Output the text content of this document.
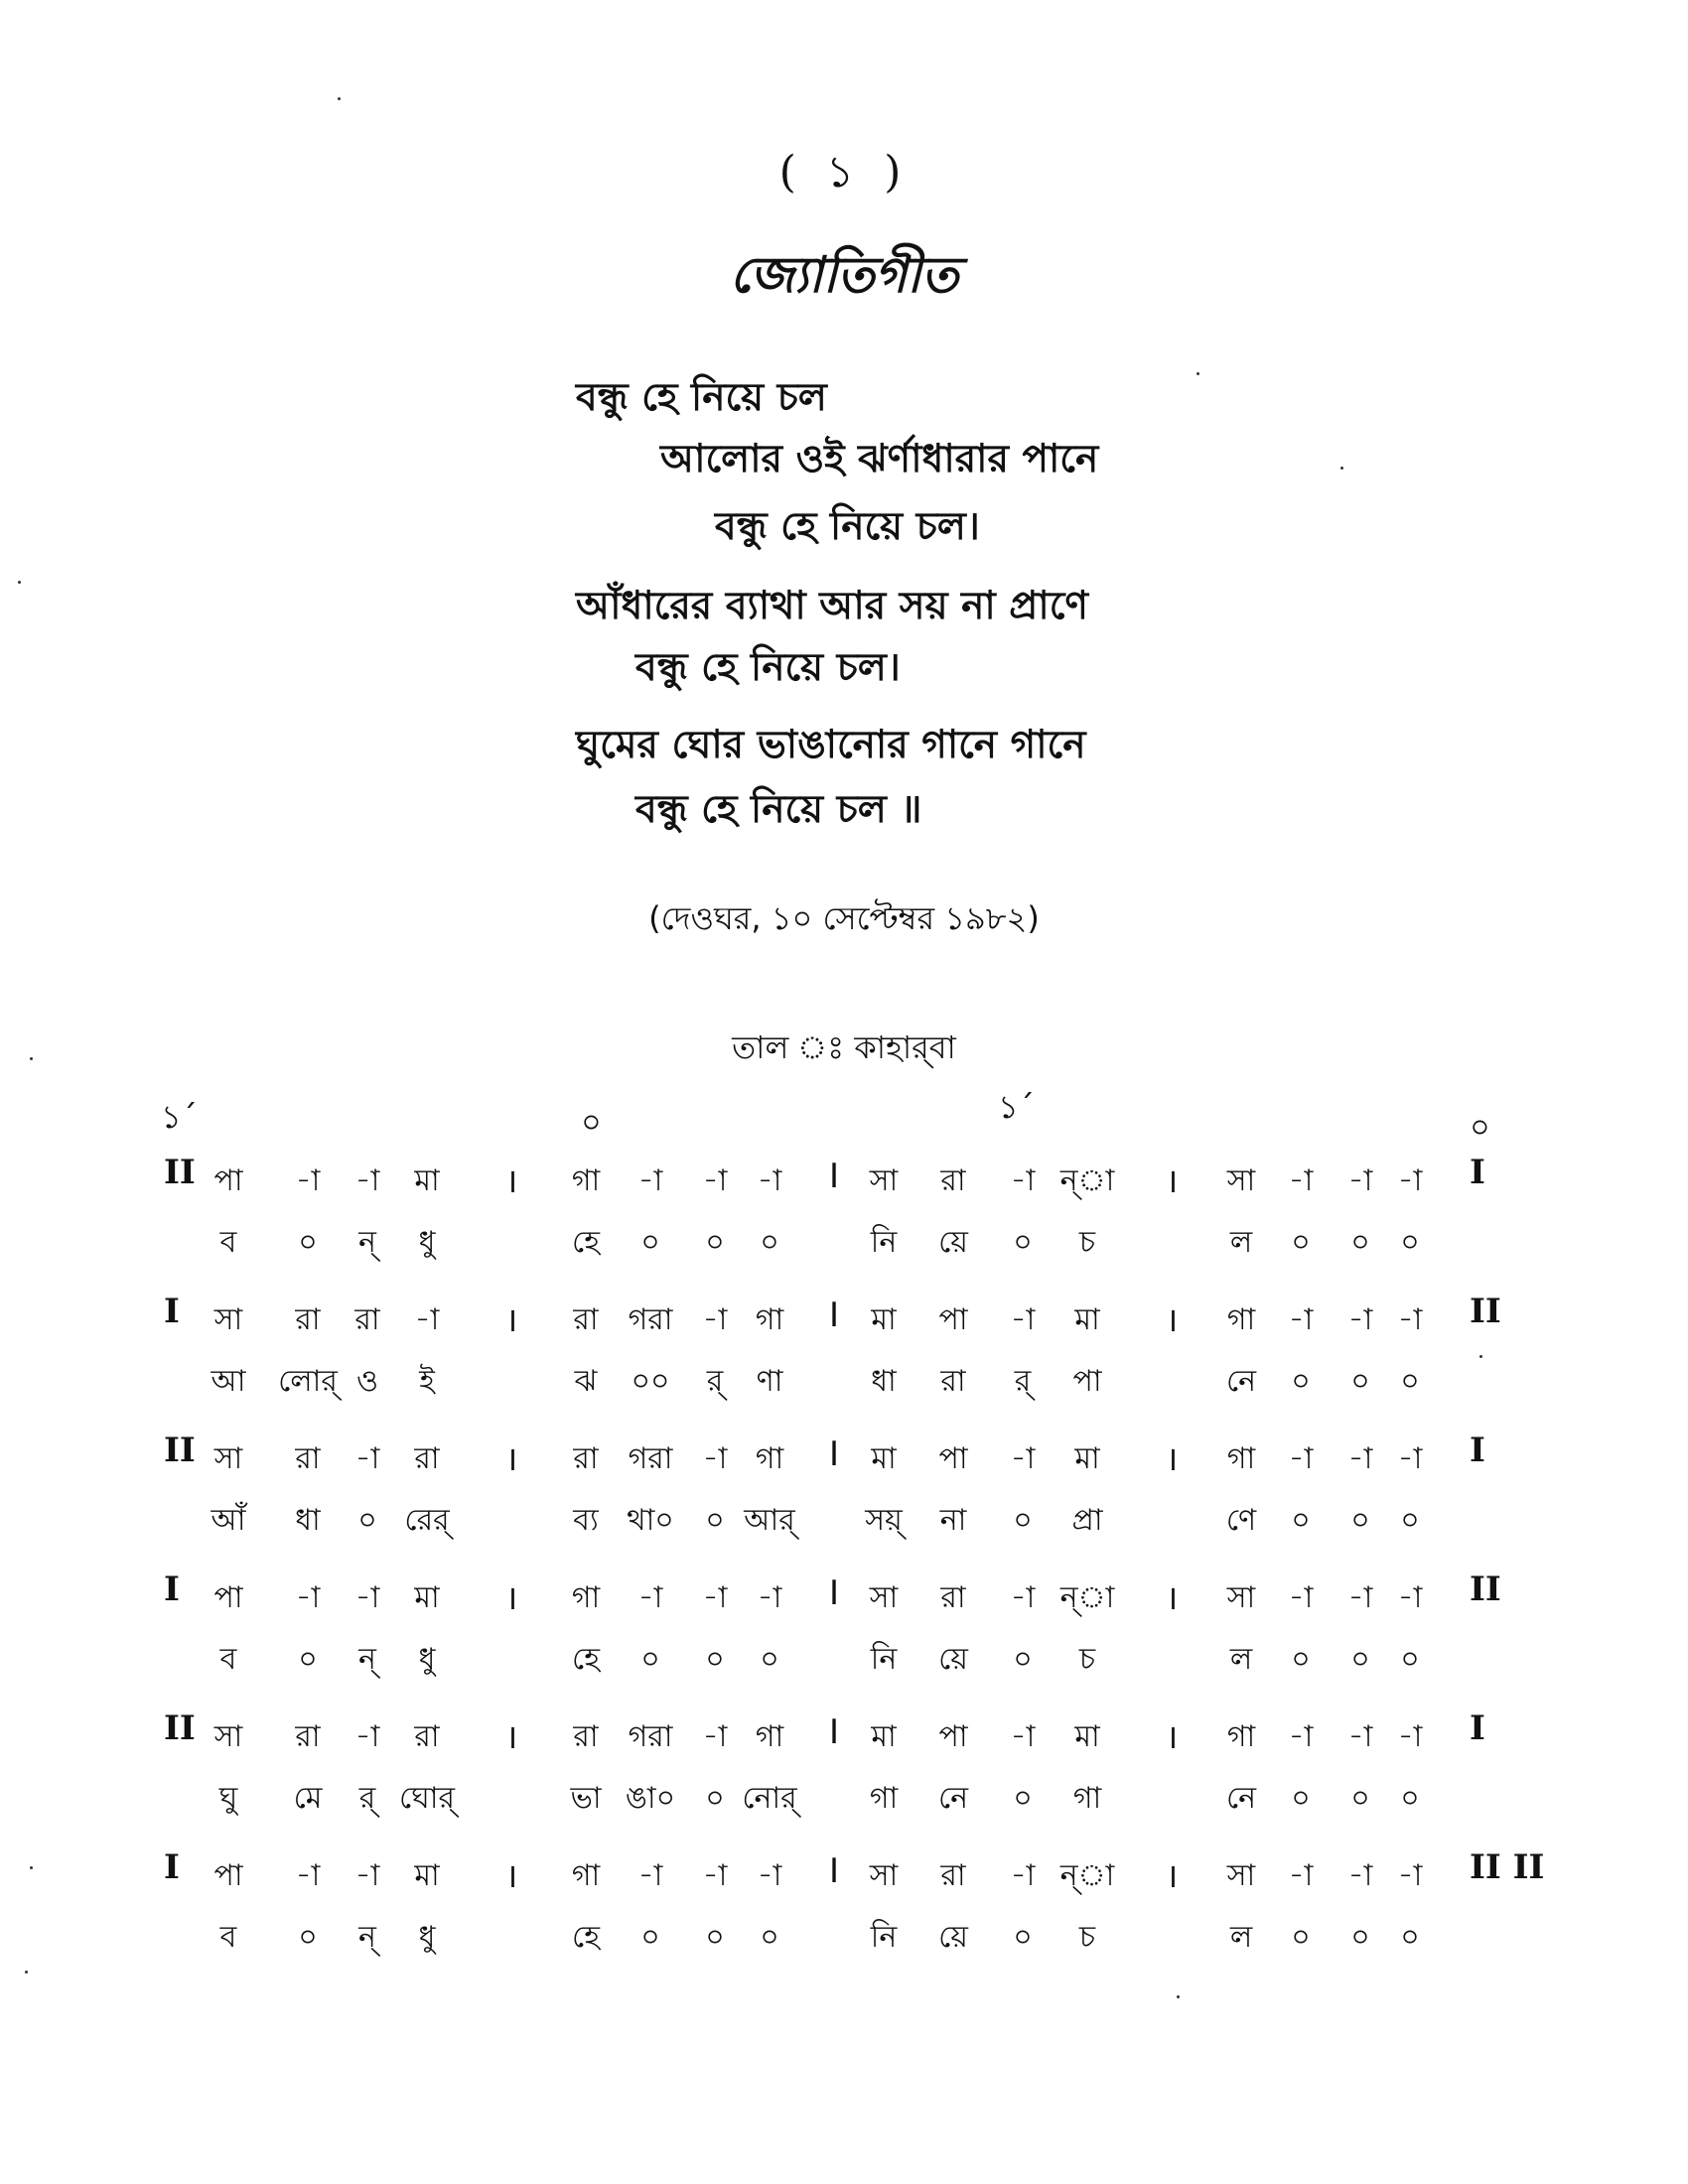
( ১ )
জ্যোতিগীত
বন্ধু হে নিয়ে চল
আলোর ওই ঝর্ণাধারার পানে
বন্ধু হে নিয়ে চল।
আঁধারের ব্যাথা আর সয় না প্রাণে
বন্ধু হে নিয়ে চল।
ঘুমের ঘোর ভাঙানোর গানে গানে
বন্ধু হে নিয়ে চল ॥
(দেওঘর, ১০ সেপ্টেম্বর ১৯৮২)
তাল ঃ কাহার্‌বা
১´	০	১´
০
II পা -া -া মা । গা -া -া -া I সা রা -া ন্‌া । সা -া -া -া I
ব ০ ন্ ধু	হে ০ ০ ০	নি য়ে ০ চ	ল ০ ০ ০
I সা রা রা -া । রা গরা -া গা I মা পা -া মা । গা -া -া -া II
আ লোর্ ও ই	ঝ ০০ র্ ণা	ধা রা র্ পা	নে ০ ০ ০
II সা রা -া রা । রা গরা -া গা I মা পা -া মা । গা -া -া -া I
আঁ ধা ০ রের্	ব্য থা০ ০ আর্ সয়্ না ০ প্রা	ণে ০ ০ ০
I পা -া -া মা । গা -া -া -া I সা রা -া ন্‌া । সা -া -া -া II
ব ০ ন্ ধু	হে ০ ০ ০	নি য়ে ০ চ	ল ০ ০ ০
II সা রা -া রা । রা গরা -া গা I মা পা -া মা । গা -া -া -া I
ঘু মে র্ ঘোর্	ভা ঙা০ ০ নোর্ গা নে ০ গা	নে ০ ০ ০
I পা -া -া মা । গা -া -া -া I সা রা -া ন্‌া । সা -া -া -া II II
ব ০ ন্ ধু	হে ০ ০ ০	নি য়ে ০ চ	ল ০ ০ ০
